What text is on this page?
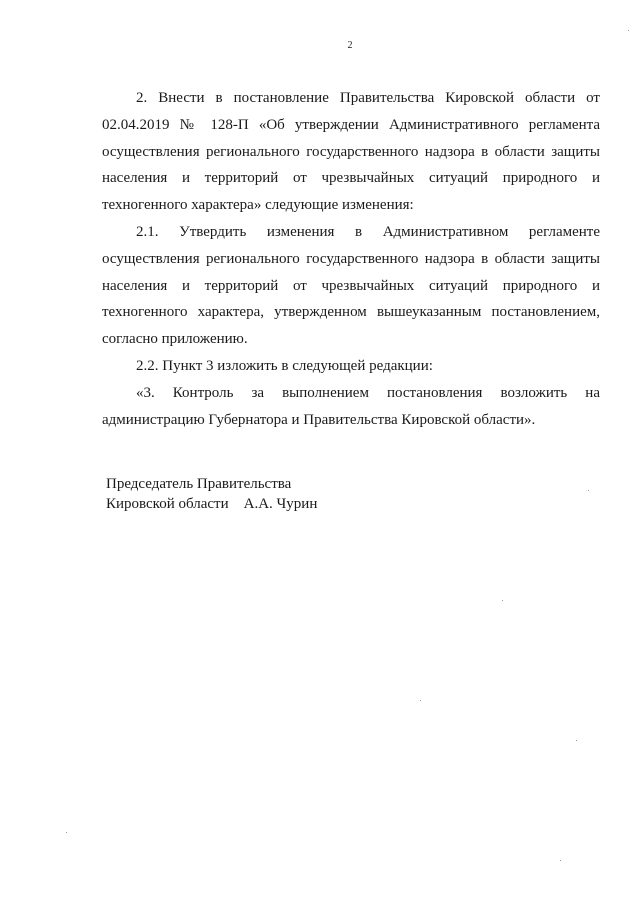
2

2. Внести в постановление Правительства Кировской области от 02.04.2019 № 128-П «Об утверждении Административного регламента осуществления регионального государственного надзора в области защиты населения и территорий от чрезвычайных ситуаций природного и техногенного характера» следующие изменения:

2.1. Утвердить изменения в Административном регламенте осуществления регионального государственного надзора в области защиты населения и территорий от чрезвычайных ситуаций природного и техногенного характера, утвержденном вышеуказанным постановлением, согласно приложению.

2.2. Пункт 3 изложить в следующей редакции:

«3. Контроль за выполнением постановления возложить на администрацию Губернатора и Правительства Кировской области».

Председатель Правительства
Кировской области А.А. Чурин
